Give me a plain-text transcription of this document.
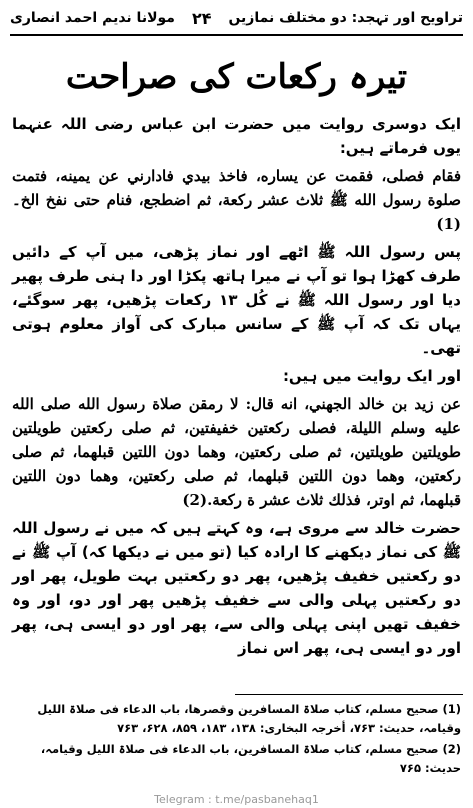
تراویح اور تہجد: دو مختلف نمازیں
۲۴
مولانا ندیم احمد انصاری
تیرہ رکعات کی صراحت

ایک دوسری روایت میں حضرت ابن عباس رضی اللہ عنہما یوں فرماتے ہیں:

فقام فصلى، فقمت عن يساره، فاخذ بيدي فادارني عن يمينه، فتمت صلوة رسول الله ﷺ ثلاث عشر ركعة، ثم اضطجع، فنام حتى نفخ الخ۔(1)

پس رسول اللہ ﷺ اٹھے اور نماز پڑھی، میں آپ کے دائیں طرف کھڑا ہوا تو آپ نے میرا ہاتھ پکڑا اور دا ہنی طرف پھیر دیا اور رسول اللہ ﷺ نے کُل ۱۳ رکعات پڑھیں، پھر سوگئے، یہاں تک کہ آپ ﷺ کے سانس مبارک کی آواز معلوم ہوتی تھی۔

اور ایک روایت میں ہیں:

عن زيد بن خالد الجهني، انه قال: لا رمقن صلاة رسول الله صلى الله عليه وسلم الليلة، فصلى ركعتين خفيفتين، ثم صلى ركعتين طويلتين طويلتين طويلتين، ثم صلى ركعتين، وهما دون اللتين قبلهما، ثم صلى ركعتين، وهما دون اللتين قبلهما، ثم صلى ركعتين، وهما دون اللتين قبلهما، ثم اوتر، فذلك ثلاث عشر ة ركعة.(2)

حضرت خالد سے مروی ہے، وہ کہتے ہیں کہ میں نے رسول اللہ ﷺ کی نماز دیکھنے کا ارادہ کیا (تو میں نے دیکھا کہ) آپ ﷺ نے دو رکعتیں خفیف پڑھیں، پھر دو رکعتیں بہت طویل، پھر اور دو رکعتیں پہلی والی سے خفیف پڑھیں پھر اور دو، اور وہ خفیف تھیں اپنی پہلی والی سے، پھر اور دو ایسی ہی، پھر اور دو ایسی ہی، پھر اس نماز

(1) صحیح مسلم، کتاب صلاۃ المسافرین وقصرھا، باب الدعاء فی صلاۃ اللیل وقیامہ، حدیث: ۷۶۳، أخرجہ البخاری: ۱۳۸، ۱۸۳، ۸۵۹، ۶۲۸، ۷۶۳

(2) صحیح مسلم، کتاب صلاۃ المسافرین، باب الدعاء فی صلاۃ اللیل وقیامہ، حدیث: ۷۶۵

Telegram : t.me/pasbanehaq1
